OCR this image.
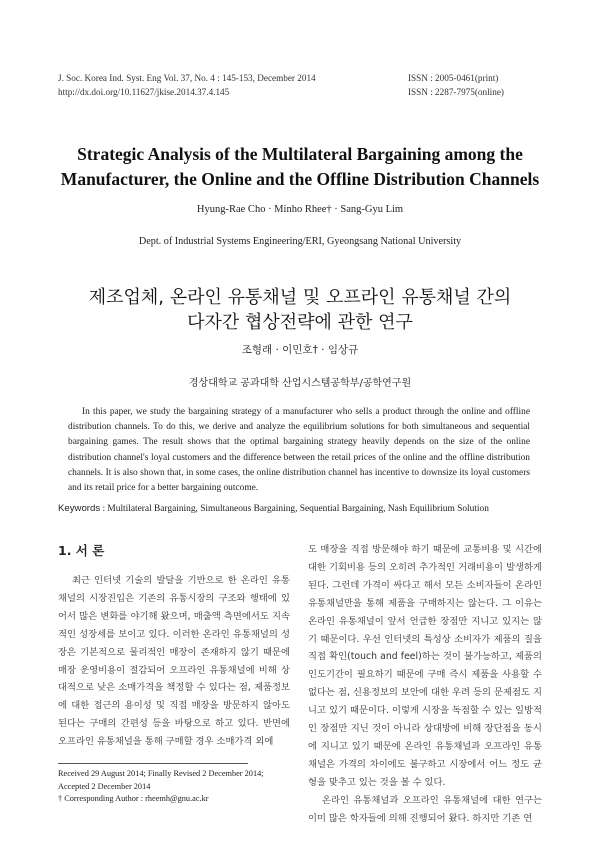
J. Soc. Korea Ind. Syst. Eng Vol. 37, No. 4 : 145-153, December 2014
http://dx.doi.org/10.11627/jkise.2014.37.4.145
ISSN : 2005-0461(print)
ISSN : 2287-7975(online)
Strategic Analysis of the Multilateral Bargaining among the
Manufacturer, the Online and the Offline Distribution Channels
Hyung-Rae Cho · Minho Rhee† · Sang-Gyu Lim
Dept. of Industrial Systems Engineering/ERI, Gyeongsang National University
제조업체, 온라인 유통채널 및 오프라인 유통채널 간의
다자간 협상전략에 관한 연구
조형래 · 이민호† · 임상규
경상대학교 공과대학 산업시스템공학부/공학연구원
In this paper, we study the bargaining strategy of a manufacturer who sells a product through the online and offline distribution channels. To do this, we derive and analyze the equilibrium solutions for both simultaneous and sequential bargaining games. The result shows that the optimal bargaining strategy heavily depends on the size of the online distribution channel's loyal customers and the difference between the retail prices of the online and the offline distribution channels. It is also shown that, in some cases, the online distribution channel has incentive to downsize its loyal customers and its retail price for a better bargaining outcome.
Keywords : Multilateral Bargaining, Simultaneous Bargaining, Sequential Bargaining, Nash Equilibrium Solution
1. 서 론

최근 인터넷 기술의 발달을 기반으로 한 온라인 유통채널의 시장진입은 기존의 유통시장의 구조와 행태에 있어서 많은 변화를 야기해 왔으며, 매출액 측면에서도 지속적인 성장세를 보이고 있다. 이러한 온라인 유통채널의 성장은 기본적으로 물리적인 매장이 존재하지 않기 때문에 매장 운영비용이 절감되어 오프라인 유통채널에 비해 상대적으로 낮은 소매가격을 책정할 수 있다는 점, 제품정보에 대한 접근의 용이성 및 직접 매장을 방문하지 않아도 된다는 구매의 간편성 등을 바탕으로 하고 있다. 반면에 오프라인 유통채널을 통해 구매할 경우 소매가격 외에

도 매장을 직접 방문해야 하기 때문에 교통비용 및 시간에 대한 기회비용 등의 오히려 추가적인 거래비용이 발생하게 된다. 그런데 가격이 싸다고 해서 모든 소비자들이 온라인 유통채널만을 통해 제품을 구매하지는 않는다. 그 이유는 온라인 유통채널이 앞서 언급한 장점만 지니고 있지는 않기 때문이다. 우선 인터넷의 특성상 소비자가 제품의 질을 직접 확인(touch and feel)하는 것이 불가능하고, 제품의 인도기간이 필요하기 때문에 구매 즉시 제품을 사용할 수 없다는 점, 신용정보의 보안에 대한 우려 등의 문제점도 지니고 있기 때문이다. 이렇게 시장을 독점할 수 있는 일방적인 장점만 지닌 것이 아니라 상대방에 비해 장단점을 동시에 지니고 있기 때문에 온라인 유통채널과 오프라인 유통채널은 가격의 차이에도 불구하고 시장에서 어느 정도 균형을 맞추고 있는 것을 볼 수 있다.

온라인 유통채널과 오프라인 유통채널에 대한 연구는 이미 많은 학자들에 의해 진행되어 왔다. 하지만 기존 연

Received 29 August 2014; Finally Revised 2 December 2014;
Accepted 2 December 2014
† Corresponding Author : rheemh@gnu.ac.kr
